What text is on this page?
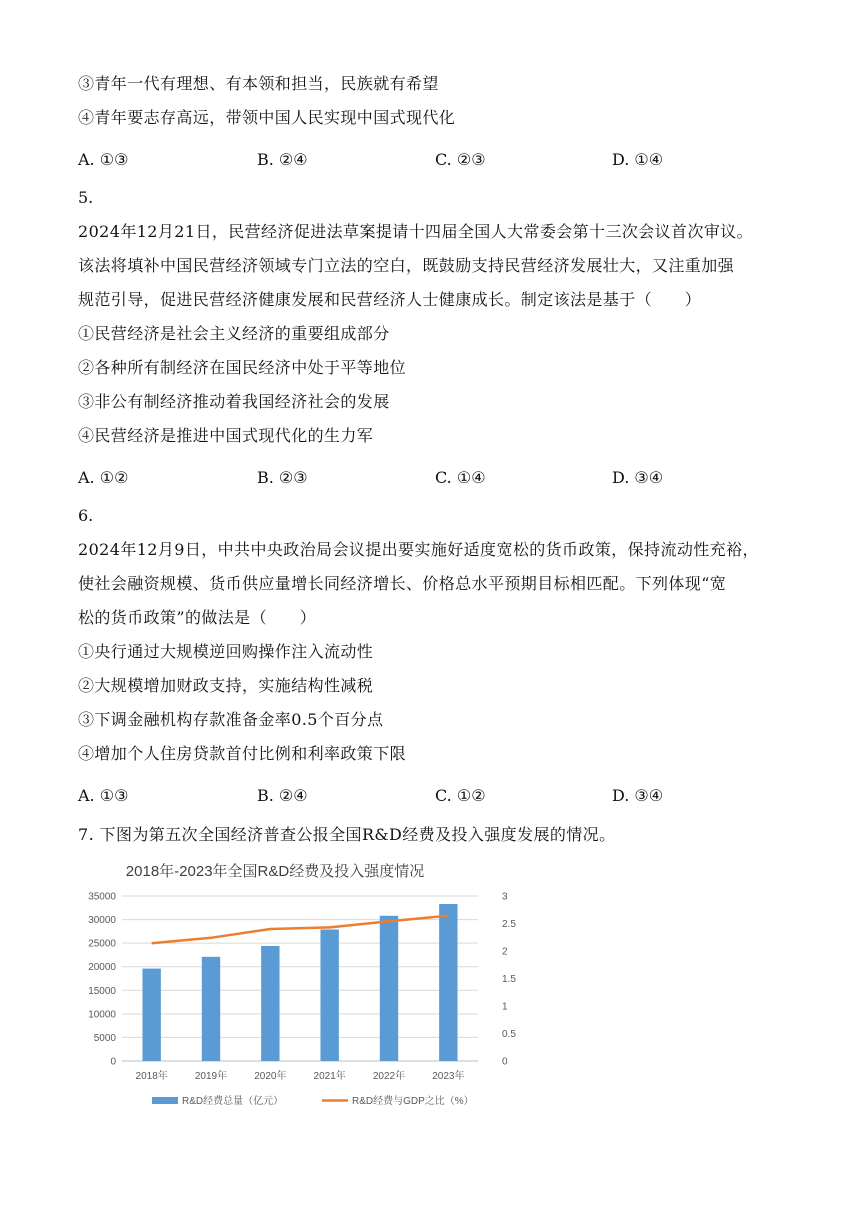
③青年一代有理想、有本领和担当，民族就有希望
④青年要志存高远，带领中国人民实现中国式现代化
A. ①③	B. ②④	C. ②③	D. ①④
5.
2024年12月21日，民营经济促进法草案提请十四届全国人大常委会第十三次会议首次审议。
该法将填补中国民营经济领域专门立法的空白，既鼓励支持民营经济发展壮大，又注重加强
规范引导，促进民营经济健康发展和民营经济人士健康成长。制定该法是基于（　　）
①民营经济是社会主义经济的重要组成部分
②各种所有制经济在国民经济中处于平等地位
③非公有制经济推动着我国经济社会的发展
④民营经济是推进中国式现代化的生力军
A. ①②	B. ②③	C. ①④	D. ③④
6.
2024年12月9日，中共中央政治局会议提出要实施好适度宽松的货币政策，保持流动性充裕，
使社会融资规模、货币供应量增长同经济增长、价格总水平预期目标相匹配。下列体现“宽
松的货币政策”的做法是（　　）
①央行通过大规模逆回购操作注入流动性
②大规模增加财政支持，实施结构性减税
③下调金融机构存款准备金率0.5个百分点
④增加个人住房贷款首付比例和利率政策下限
A. ①③	B. ②④	C. ①②	D. ③④
7. 下图为第五次全国经济普查公报全国R&D经费及投入强度发展的情况。
2018年-2023年全国R&D经费及投入强度情况
0
5000
10000
15000
20000
25000
30000
35000
0
0.5
1
1.5
2
2.5
3
2018年	2019年	2020年	2021年	2022年	2023年
R&D经费总量（亿元）	R&D经费与GDP之比（%）
